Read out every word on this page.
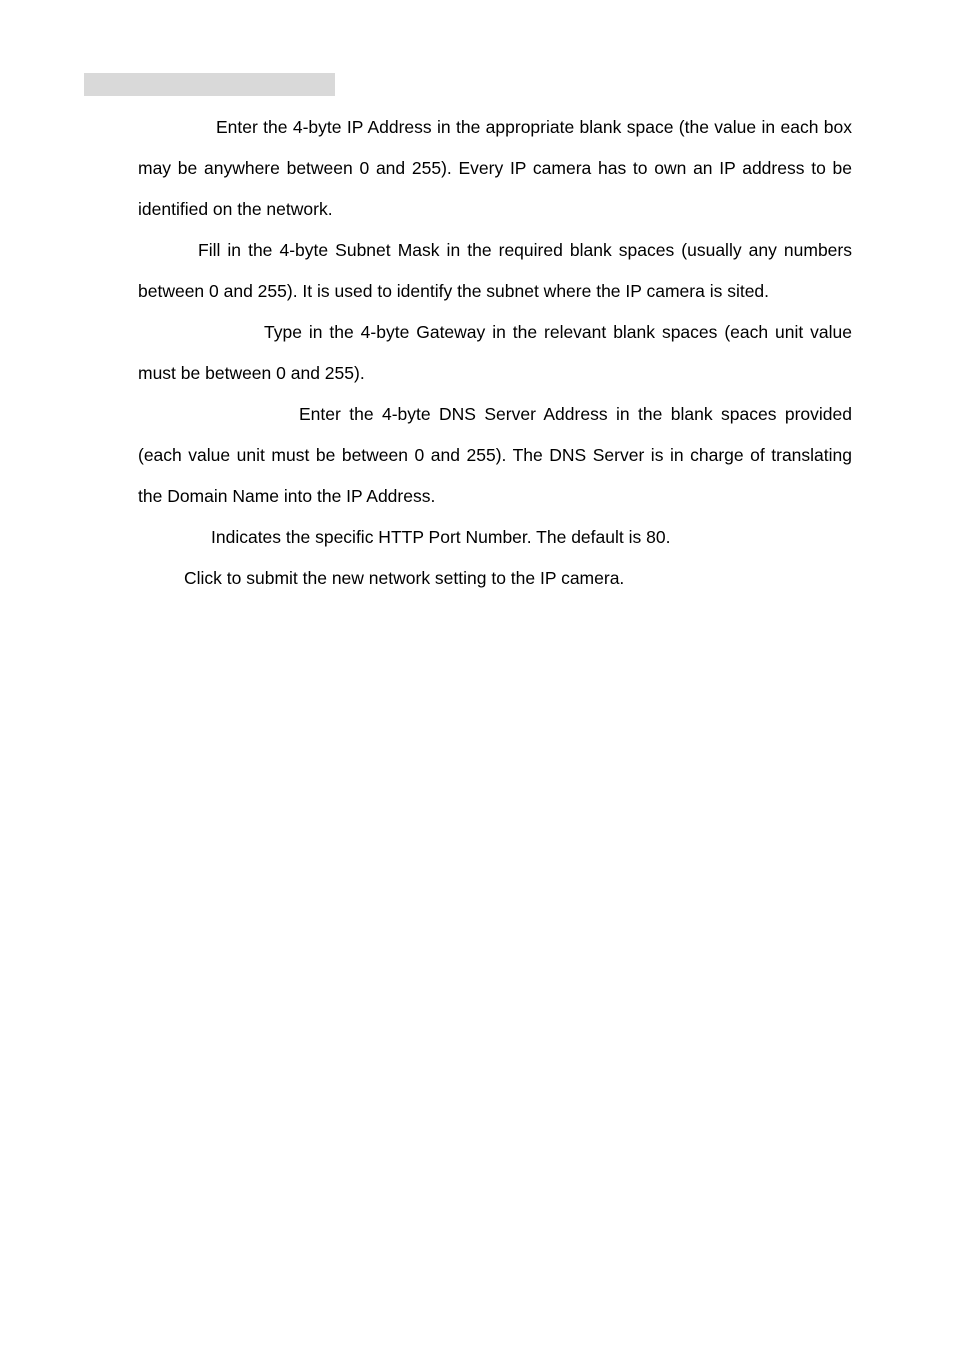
Enter the 4-byte IP Address in the appropriate blank space (the value in each box may be anywhere between 0 and 255). Every IP camera has to own an IP address to be identified on the network.

Fill in the 4-byte Subnet Mask in the required blank spaces (usually any numbers between 0 and 255). It is used to identify the subnet where the IP camera is sited.

Type in the 4-byte Gateway in the relevant blank spaces (each unit value must be between 0 and 255).

Enter the 4-byte DNS Server Address in the blank spaces provided (each value unit must be between 0 and 255). The DNS Server is in charge of translating the Domain Name into the IP Address.

Indicates the specific HTTP Port Number. The default is 80.

Click to submit the new network setting to the IP camera.
